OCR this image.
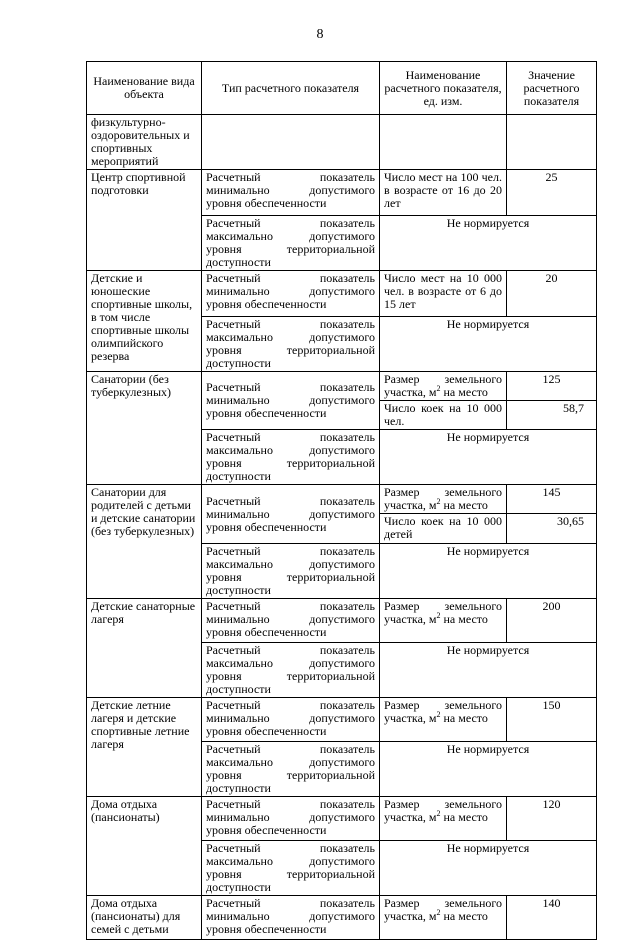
8
Наименование вида объекта	Тип расчетного показателя	Наименование расчетного показателя, ед. изм.	Значение расчетного показателя
физкультурно-оздоровительных и спортивных мероприятий			
Центр спортивной подготовки	Расчетный показатель минимально допустимого уровня обеспеченности	Число мест на 100 чел. в возрасте от 16 до 20 лет	25
	Расчетный показатель максимально допустимого уровня территориальной доступности	Не нормируется	
Детские и юношеские спортивные школы, в том числе спортивные школы олимпийского резерва	Расчетный показатель минимально допустимого уровня обеспеченности	Число мест на 10 000 чел. в возрасте от 6 до 15 лет	20
	Расчетный показатель максимально допустимого уровня территориальной доступности	Не нормируется	
Санатории (без туберкулезных)	Расчетный показатель минимально допустимого уровня обеспеченности	Размер земельного участка, $м^2$ на место	125
		Число коек на 10 000 чел.	58,7
	Расчетный показатель максимально допустимого уровня территориальной доступности	Не нормируется	
Санатории для родителей с детьми и детские санатории (без туберкулезных)	Расчетный показатель минимально допустимого уровня обеспеченности	Размер земельного участка, $м^2$ на место	145
		Число коек на 10 000 детей	30,65
	Расчетный показатель максимально допустимого уровня территориальной доступности	Не нормируется	
Детские санаторные лагеря	Расчетный показатель минимально допустимого уровня обеспеченности	Размер земельного участка, $м^2$ на место	200
	Расчетный показатель максимально допустимого уровня территориальной доступности	Не нормируется	
Детские летние лагеря и детские спортивные летние лагеря	Расчетный показатель минимально допустимого уровня обеспеченности	Размер земельного участка, $м^2$ на место	150
	Расчетный показатель максимально допустимого уровня территориальной доступности	Не нормируется	
Дома отдыха (пансионаты)	Расчетный показатель минимально допустимого уровня обеспеченности	Размер земельного участка, $м^2$ на место	120
	Расчетный показатель максимально допустимого уровня территориальной доступности	Не нормируется	
Дома отдыха (пансионаты) для семей с детьми	Расчетный показатель минимально допустимого уровня обеспеченности	Размер земельного участка, $м^2$ на место	140
